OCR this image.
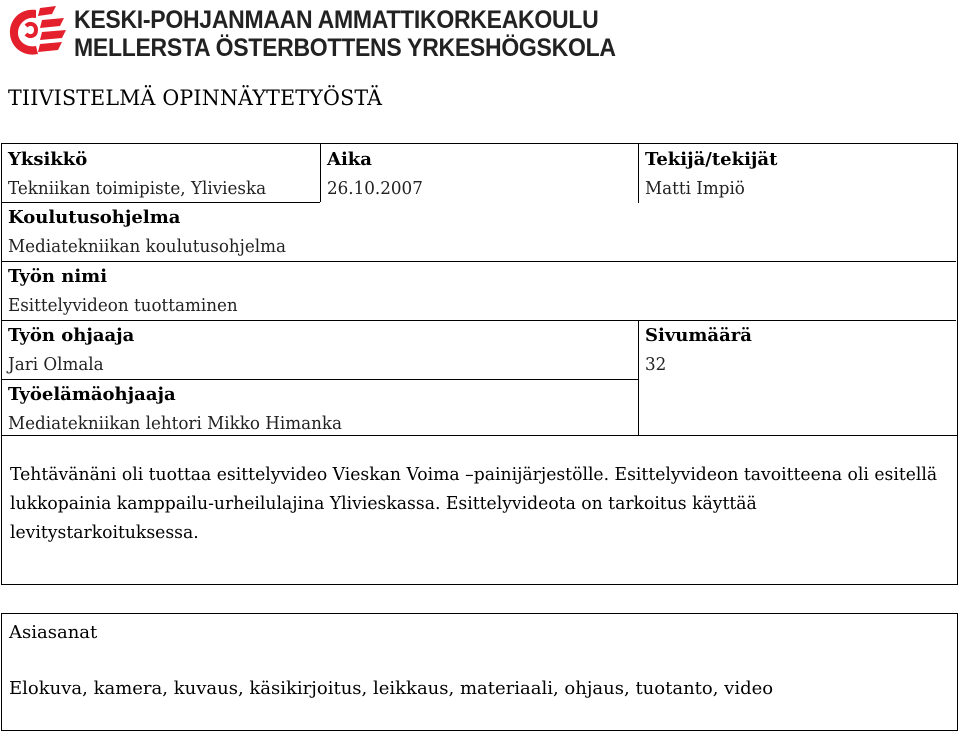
KESKI-POHJANMAAN AMMATTIKORKEAKOULU
MELLERSTA ÖSTERBOTTENS YRKESHÖGSKOLA
TIIVISTELMÄ OPINNÄYTETYÖSTÄ
Yksikkö
Tekniikan toimipiste, Ylivieska
Aika
26.10.2007
Tekijä/tekijät
Matti Impiö
Koulutusohjelma
Mediatekniikan koulutusohjelma
Työn nimi
Esittelyvideon tuottaminen
Työn ohjaaja
Jari Olmala
Sivumäärä
32
Työelämäohjaaja
Mediatekniikan lehtori Mikko Himanka

Tehtävänäni oli tuottaa esittelyvideo Vieskan Voima –painijärjestölle. Esittelyvideon tavoitteena oli esitellä lukkopainia kamppailu-urheilulajina Ylivieskassa. Esittelyvideota on tarkoitus käyttää levitystarkoituksessa.

Asiasanat
Elokuva, kamera, kuvaus, käsikirjoitus, leikkaus, materiaali, ohjaus, tuotanto, video
